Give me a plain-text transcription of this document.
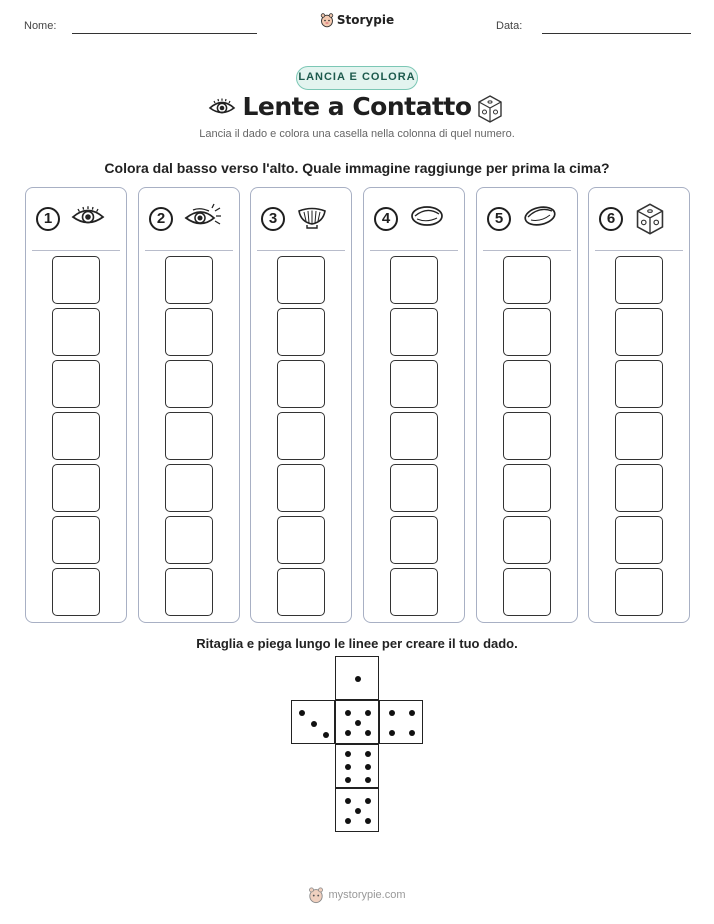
Nome:	Storypie	Data:
LANCIA E COLORA
Lente a Contatto
Lancia il dado e colora una casella nella colonna di quel numero.
Colora dal basso verso l'alto. Quale immagine raggiunge per prima la cima?
1	2	3	4	5	6
Ritaglia e piega lungo le linee per creare il tuo dado.
mystorypie.com
